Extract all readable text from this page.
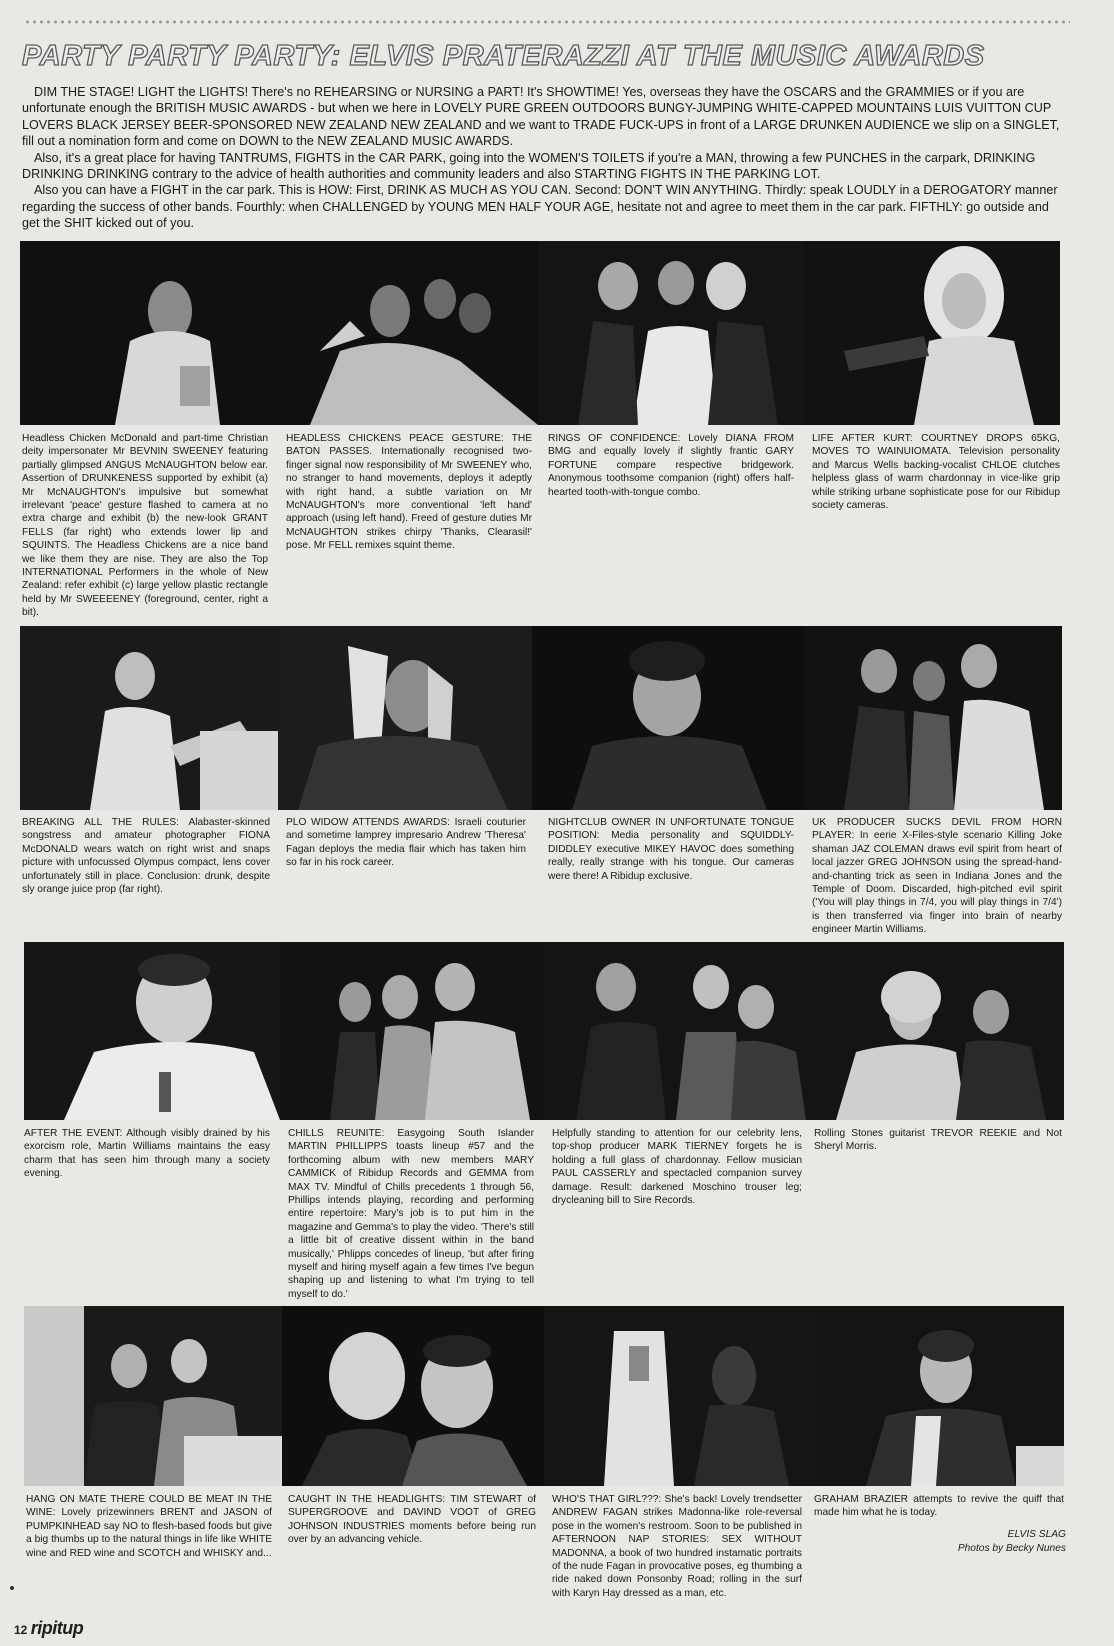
PARTY PARTY PARTY: ELVIS PRATERAZZI AT THE MUSIC AWARDS

DIM THE STAGE! LIGHT the LIGHTS! There's no REHEARSING or NURSING a PART! It's SHOWTIME! Yes, overseas they have the OSCARS and the GRAMMIES or if you are unfortunate enough the BRITISH MUSIC AWARDS - but when we here in LOVELY PURE GREEN OUTDOORS BUNGY-JUMPING WHITE-CAPPED MOUNTAINS LUIS VUITTON CUP LOVERS BLACK JERSEY BEER-SPONSORED NEW ZEALAND NEW ZEALAND and we want to TRADE FUCK-UPS in front of a LARGE DRUNKEN AUDIENCE we slip on a SINGLET, fill out a nomination form and come on DOWN to the NEW ZEALAND MUSIC AWARDS.

Also, it's a great place for having TANTRUMS, FIGHTS in the CAR PARK, going into the WOMEN'S TOILETS if you're a MAN, throwing a few PUNCHES in the carpark, DRINKING DRINKING DRINKING contrary to the advice of health authorities and community leaders and also STARTING FIGHTS IN THE PARKING LOT.

Also you can have a FIGHT in the car park. This is HOW: First, DRINK AS MUCH AS YOU CAN. Second: DON'T WIN ANYTHING. Thirdly: speak LOUDLY in a DEROGATORY manner regarding the success of other bands. Fourthly: when CHALLENGED by YOUNG MEN HALF YOUR AGE, hesitate not and agree to meet them in the car park. FIFTHLY: go outside and get the SHIT kicked out of you.

Headless Chicken McDonald and part-time Christian deity impersonater Mr BEVNIN SWEENEY featuring partially glimpsed ANGUS McNAUGHTON below ear. Assertion of DRUNKENESS supported by exhibit (a) Mr McNAUGHTON's impulsive but somewhat irrelevant 'peace' gesture flashed to camera at no extra charge and exhibit (b) the new-look GRANT FELLS (far right) who extends lower lip and SQUINTS. The Headless Chickens are a nice band we like them they are nise. They are also the Top INTERNATIONAL Performers in the whole of New Zealand: refer exhibit (c) large yellow plastic rectangle held by Mr SWEEEENEY (foreground, center, right a bit).

HEADLESS CHICKENS PEACE GESTURE: THE BATON PASSES. Internationally recognised two-finger signal now responsibility of Mr SWEENEY who, no stranger to hand movements, deploys it adeptly with right hand, a subtle variation on Mr McNAUGHTON's more conventional 'left hand' approach (using left hand). Freed of gesture duties Mr McNAUGHTON strikes chirpy 'Thanks, Clearasil!' pose. Mr FELL remixes squint theme.

RINGS OF CONFIDENCE: Lovely DIANA FROM BMG and equally lovely if slightly frantic GARY FORTUNE compare respective bridgework. Anonymous toothsome companion (right) offers half-hearted tooth-with-tongue combo.

LIFE AFTER KURT: COURTNEY DROPS 65KG, MOVES TO WAINUIOMATA. Television personality and Marcus Wells backing-vocalist CHLOE clutches helpless glass of warm chardonnay in vice-like grip while striking urbane sophisticate pose for our Ribidup society cameras.

BREAKING ALL THE RULES: Alabaster-skinned songstress and amateur photographer FIONA McDONALD wears watch on right wrist and snaps picture with unfocussed Olympus compact, lens cover unfortunately still in place. Conclusion: drunk, despite sly orange juice prop (far right).

PLO WIDOW ATTENDS AWARDS: Israeli couturier and sometime lamprey impresario Andrew 'Theresa' Fagan deploys the media flair which has taken him so far in his rock career.

NIGHTCLUB OWNER IN UNFORTUNATE TONGUE POSITION: Media personality and SQUIDDLY-DIDDLEY executive MIKEY HAVOC does something really, really strange with his tongue. Our cameras were there! A Ribidup exclusive.

UK PRODUCER SUCKS DEVIL FROM HORN PLAYER: In eerie X-Files-style scenario Killing Joke shaman JAZ COLEMAN draws evil spirit from heart of local jazzer GREG JOHNSON using the spread-hand-and-chanting trick as seen in Indiana Jones and the Temple of Doom. Discarded, high-pitched evil spirit ('You will play things in 7/4, you will play things in 7/4') is then transferred via finger into brain of nearby engineer Martin Williams.

AFTER THE EVENT: Although visibly drained by his exorcism role, Martin Williams maintains the easy charm that has seen him through many a society evening.

CHILLS REUNITE: Easygoing South Islander MARTIN PHILLIPPS toasts lineup #57 and the forthcoming album with new members MARY CAMMICK of Ribidup Records and GEMMA from MAX TV. Mindful of Chills precedents 1 through 56, Phillips intends playing, recording and performing entire repertoire: Mary's job is to put him in the magazine and Gemma's to play the video. 'There's still a little bit of creative dissent within in the band musically,' Phlipps concedes of lineup, 'but after firing myself and hiring myself again a few times I've begun shaping up and listening to what I'm trying to tell myself to do.'

Helpfully standing to attention for our celebrity lens, top-shop producer MARK TIERNEY forgets he is holding a full glass of chardonnay. Fellow musician PAUL CASSERLY and spectacled companion survey damage. Result: darkened Moschino trouser leg; drycleaning bill to Sire Records.

Rolling Stones guitarist TREVOR REEKIE and Not Sheryl Morris.

HANG ON MATE THERE COULD BE MEAT IN THE WINE: Lovely prizewinners BRENT and JASON of PUMPKINHEAD say NO to flesh-based foods but give a big thumbs up to the natural things in life like WHITE wine and RED wine and SCOTCH and WHISKY and...

CAUGHT IN THE HEADLIGHTS: TIM STEWART of SUPERGROOVE and DAVIND VOOT of GREG JOHNSON INDUSTRIES moments before being run over by an advancing vehicle.

WHO'S THAT GIRL???: She's back! Lovely trendsetter ANDREW FAGAN strikes Madonna-like role-reversal pose in the women's restroom. Soon to be published in AFTERNOON NAP STORIES: SEX WITHOUT MADONNA, a book of two hundred instamatic portraits of the nude Fagan in provocative poses, eg thumbing a ride naked down Ponsonby Road; rolling in the surf with Karyn Hay dressed as a man, etc.

GRAHAM BRAZIER attempts to revive the quiff that made him what he is today.

ELVIS SLAG
Photos by Becky Nunes
12 ripitup
